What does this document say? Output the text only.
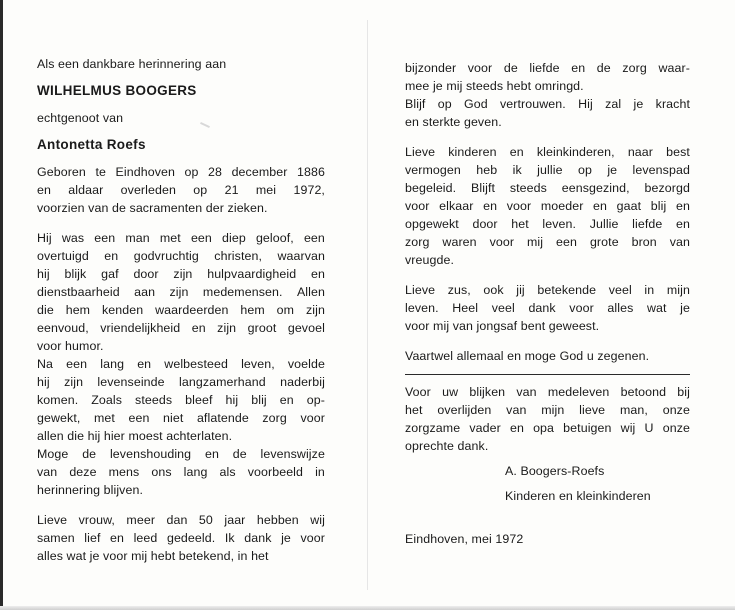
Als een dankbare herinnering aan
WILHELMUS BOOGERS
echtgenoot van
Antonetta Roefs
Geboren te Eindhoven op 28 december 1886
en aldaar overleden op 21 mei 1972,
voorzien van de sacramenten der zieken.
Hij was een man met een diep geloof, een
overtuigd en godvruchtig christen, waarvan
hij blijk gaf door zijn hulpvaardigheid en
dienstbaarheid aan zijn medemensen. Allen
die hem kenden waardeerden hem om zijn
eenvoud, vriendelijkheid en zijn groot gevoel
voor humor.
Na een lang en welbesteed leven, voelde
hij zijn levenseinde langzamerhand naderbij
komen. Zoals steeds bleef hij blij en op-
gewekt, met een niet aflatende zorg voor
allen die hij hier moest achterlaten.
Moge de levenshouding en de levenswijze
van deze mens ons lang als voorbeeld in
herinnering blijven.
Lieve vrouw, meer dan 50 jaar hebben wij
samen lief en leed gedeeld. Ik dank je voor
alles wat je voor mij hebt betekend, in het
bijzonder voor de liefde en de zorg waar-
mee je mij steeds hebt omringd.
Blijf op God vertrouwen. Hij zal je kracht
en sterkte geven.
Lieve kinderen en kleinkinderen, naar best
vermogen heb ik jullie op je levenspad
begeleid. Blijft steeds eensgezind, bezorgd
voor elkaar en voor moeder en gaat blij en
opgewekt door het leven. Jullie liefde en
zorg waren voor mij een grote bron van
vreugde.
Lieve zus, ook jij betekende veel in mijn
leven. Heel veel dank voor alles wat je
voor mij van jongsaf bent geweest.
Vaartwel allemaal en moge God u zegenen.
Voor uw blijken van medeleven betoond bij
het overlijden van mijn lieve man, onze
zorgzame vader en opa betuigen wij U onze
oprechte dank.
A. Boogers-Roefs
Kinderen en kleinkinderen
Eindhoven, mei 1972
